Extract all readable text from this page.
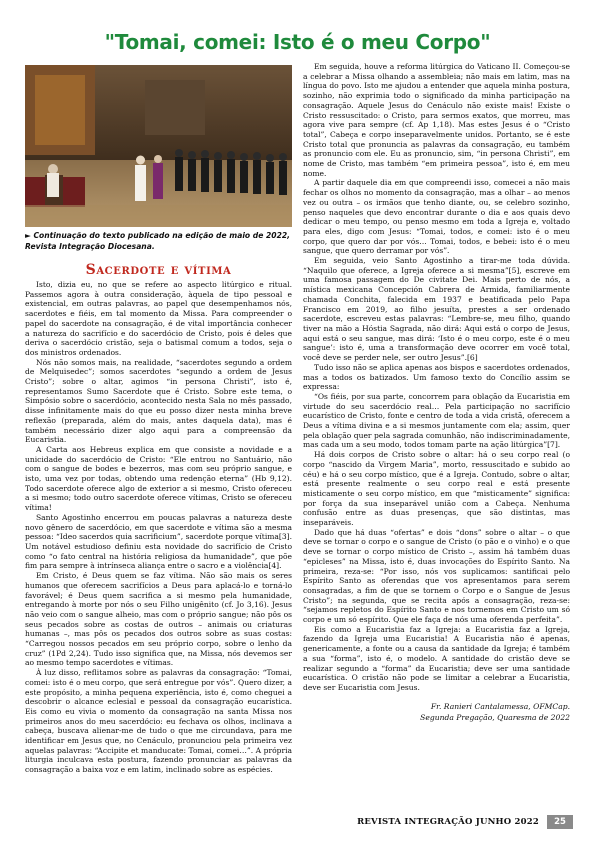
"Tomai, comei: Isto é o meu Corpo"
► Continuação do texto publicado na edição de maio de 2022, Revista Integração Diocesana.
Sacerdote e vítima

Isto, dizia eu, no que se refere ao aspecto litúrgico e ritual. Passemos agora à outra consideração, àquela de tipo pessoal e existencial, em outras palavras, ao papel que desempenhamos nós, sacerdotes e fiéis, em tal momento da Missa. Para compreender o papel do sacerdote na consagração, é de vital importância conhecer a natureza do sacrifício e do sacerdócio de Cristo, pois é deles que deriva o sacerdócio cristão, seja o batismal comum a todos, seja o dos ministros ordenados.

Nós não somos mais, na realidade, “sacerdotes segundo a ordem de Melquisedec”; somos sacerdotes “segundo a ordem de Jesus Cristo”; sobre o altar, agimos “in persona Christi”, isto é, representamos Sumo Sacerdote que é Cristo. Sobre este tema, o Simpósio sobre o sacerdócio, acontecido nesta Sala no mês passado, disse infinitamente mais do que eu posso dizer nesta minha breve reflexão (preparada, além do mais, antes daquela data), mas é também necessário dizer algo aqui para a compreensão da Eucaristia.

A Carta aos Hebreus explica em que consiste a novidade e a unicidade do sacerdócio de Cristo: “Ele entrou no Santuário, não com o sangue de bodes e bezerros, mas com seu próprio sangue, e isto, uma vez por todas, obtendo uma redenção eterna” (Hb 9,12). Todo sacerdote oferece algo de exterior a si mesmo, Cristo ofereceu a si mesmo; todo outro sacerdote oferece vítimas, Cristo se ofereceu vítima!

Santo Agostinho encerrou em poucas palavras a natureza deste novo gênero de sacerdócio, em que sacerdote e vítima são a mesma pessoa: “Ideo sacerdos quia sacrificium”, sacerdote porque vítima[3]. Um notável estudioso definiu esta novidade do sacrifício de Cristo como “o fato central na história religiosa da humanidade”, que põe fim para sempre à intrínseca aliança entre o sacro e a violência[4].

Em Cristo, é Deus quem se faz vítima. Não são mais os seres humanos que oferecem sacrifícios a Deus para aplacá-lo e torná-lo favorável; é Deus quem sacrifica a si mesmo pela humanidade, entregando à morte por nós o seu Filho unigênito (cf. Jo 3,16). Jesus não veio com o sangue alheio, mas com o próprio sangue; não pôs os seus pecados sobre as costas de outros – animais ou criaturas humanas –, mas pôs os pecados dos outros sobre as suas costas: “Carregou nossos pecados em seu próprio corpo, sobre o lenho da cruz” (1Pd 2,24). Tudo isso significa que, na Missa, nós devemos ser ao mesmo tempo sacerdotes e vítimas.

À luz disso, reflitamos sobre as palavras da consagração: “Tomai, comei: isto é o meu corpo, que será entregue por vós”. Quero dizer, a este propósito, a minha pequena experiência, isto é, como cheguei a descobrir o alcance eclesial e pessoal da consagração eucarística. Eis como eu vivia o momento da consagração na santa Missa nos primeiros anos do meu sacerdócio: eu fechava os olhos, inclinava a cabeça, buscava alienar-me de tudo o que me circundava, para me identificar em Jesus que, no Cenáculo, pronunciou pela primeira vez aquelas palavras: “Accipite et manducate: Tomai, comei…”. A própria liturgia inculcava esta postura, fazendo pronunciar as palavras da consagração a baixa voz e em latim, inclinado sobre as espécies.

Em seguida, houve a reforma litúrgica do Vaticano II. Começou-se a celebrar a Missa olhando a assembleia; não mais em latim, mas na língua do povo. Isto me ajudou a entender que aquela minha postura, sozinho, não exprimia todo o significado da minha participação na consagração. Aquele Jesus do Cenáculo não existe mais! Existe o Cristo ressuscitado: o Cristo, para sermos exatos, que morreu, mas agora vive para sempre (cf. Ap 1,18). Mas estes Jesus é o “Cristo total”, Cabeça e corpo inseparavelmente unidos. Portanto, se é este Cristo total que pronuncia as palavras da consagração, eu também as pronuncio com ele. Eu as pronuncio, sim, “in persona Christi”, em nome de Cristo, mas também “em primeira pessoa”, isto é, em meu nome.

A partir daquele dia em que compreendi isso, comecei a não mais fechar os olhos no momento da consagração, mas a olhar – ao menos vez ou outra – os irmãos que tenho diante, ou, se celebro sozinho, penso naqueles que devo encontrar durante o dia e aos quais devo dedicar o meu tempo, ou penso mesmo em toda a Igreja e, voltado para eles, digo com Jesus: “Tomai, todos, e comei: isto é o meu corpo, que quero dar por vós… Tomai, todos, e bebei: isto é o meu sangue, que quero derramar por vós”.

Em seguida, veio Santo Agostinho a tirar-me toda dúvida. “Naquilo que oferece, a Igreja oferece a si mesma”[5], escreve em uma famosa passagem do De civitate Dei. Mais perto de nós, a mística mexicana Concepción Cabrera de Armida, familiarmente chamada Conchita, falecida em 1937 e beatificada pelo Papa Francisco em 2019, ao filho jesuíta, prestes a ser ordenado sacerdote, escreveu estas palavras: “Lembre-se, meu filho, quando tiver na mão a Hóstia Sagrada, não dirá: Aqui está o corpo de Jesus, aqui está o seu sangue, mas dirá: ‘Isto é o meu corpo, este é o meu sangue’: isto é, uma a transformação deve ocorrer em você total, você deve se perder nele, ser outro Jesus”.[6]

Tudo isso não se aplica apenas aos bispos e sacerdotes ordenados, mas a todos os batizados. Um famoso texto do Concílio assim se expressa:

“Os fiéis, por sua parte, concorrem para oblação da Eucaristia em virtude do seu sacerdócio real… Pela participação no sacrifício eucarístico de Cristo, fonte e centro de toda a vida cristã, oferecem a Deus a vítima divina e a si mesmos juntamente com ela; assim, quer pela oblação quer pela sagrada comunhão, não indiscriminadamente, mas cada um a seu modo, todos tomam parte na ação litúrgica”[7].

Há dois corpos de Cristo sobre o altar: há o seu corpo real (o corpo “nascido da Virgem Maria”, morto, ressuscitado e subido ao céu) e há o seu corpo místico, que é a Igreja. Contudo, sobre o altar, está presente realmente o seu corpo real e está presente misticamente o seu corpo místico, em que “misticamente” significa: por força da sua inseparável união com a Cabeça. Nenhuma confusão entre as duas presenças, que são distintas, mas inseparáveis.

Dado que há duas “ofertas” e dois “dons” sobre o altar – o que deve se tornar o corpo e o sangue de Cristo (o pão e o vinho) e o que deve se tornar o corpo místico de Cristo –, assim há também duas “epicleses” na Missa, isto é, duas invocações do Espírito Santo. Na primeira, reza-se: “Por isso, nós vos suplicamos: santificai pelo Espírito Santo as oferendas que vos apresentamos para serem consagradas, a fim de que se tornem o Corpo e o Sangue de Jesus Cristo”; na segunda, que se recita após a consagração, reza-se: “sejamos repletos do Espírito Santo e nos tornemos em Cristo um só corpo e um só espírito. Que ele faça de nós uma oferenda perfeita”.

Eis como a Eucaristia faz a Igreja: a Eucaristia faz a Igreja, fazendo da Igreja uma Eucaristia! A Eucaristia não é apenas, genericamente, a fonte ou a causa da santidade da Igreja; é também a sua “forma”, isto é, o modelo. A santidade do cristão deve se realizar segundo a “forma” da Eucaristia; deve ser uma santidade eucarística. O cristão não pode se limitar a celebrar a Eucaristia, deve ser Eucaristia com Jesus.

Fr. Ranieri Cantalamessa, OFMCap.
Segunda Pregação, Quaresma de 2022
REVISTA INTEGRAÇÃO JUNHO 2022	25
